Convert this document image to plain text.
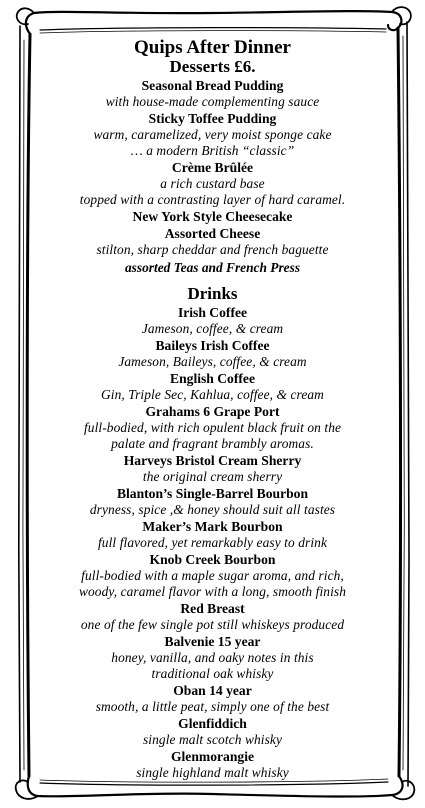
Quips After Dinner
Desserts £6.
Seasonal Bread Pudding
with house-made complementing sauce
Sticky Toffee Pudding
warm, caramelized, very moist sponge cake
… a modern British “classic”
Crème Brûlée
a rich custard base
topped with a contrasting layer of hard caramel.
New York Style Cheesecake
Assorted Cheese
stilton, sharp cheddar and french baguette
assorted Teas and French Press
Drinks
Irish Coffee
Jameson, coffee, & cream
Baileys Irish Coffee
Jameson, Baileys, coffee, & cream
English Coffee
Gin, Triple Sec, Kahlua, coffee, & cream
Grahams 6 Grape Port
full-bodied, with rich opulent black fruit on the
palate and fragrant brambly aromas.
Harveys Bristol Cream Sherry
the original cream sherry
Blanton’s Single-Barrel Bourbon
dryness, spice ,& honey should suit all tastes
Maker’s Mark Bourbon
full flavored, yet remarkably easy to drink
Knob Creek Bourbon
full-bodied with a maple sugar aroma, and rich,
woody, caramel flavor with a long, smooth finish
Red Breast
one of the few single pot still whiskeys produced
Balvenie 15 year
honey, vanilla, and oaky notes in this
traditional oak whisky
Oban 14 year
smooth, a little peat, simply one of the best
Glenfiddich
single malt scotch whisky
Glenmorangie
single highland malt whisky
